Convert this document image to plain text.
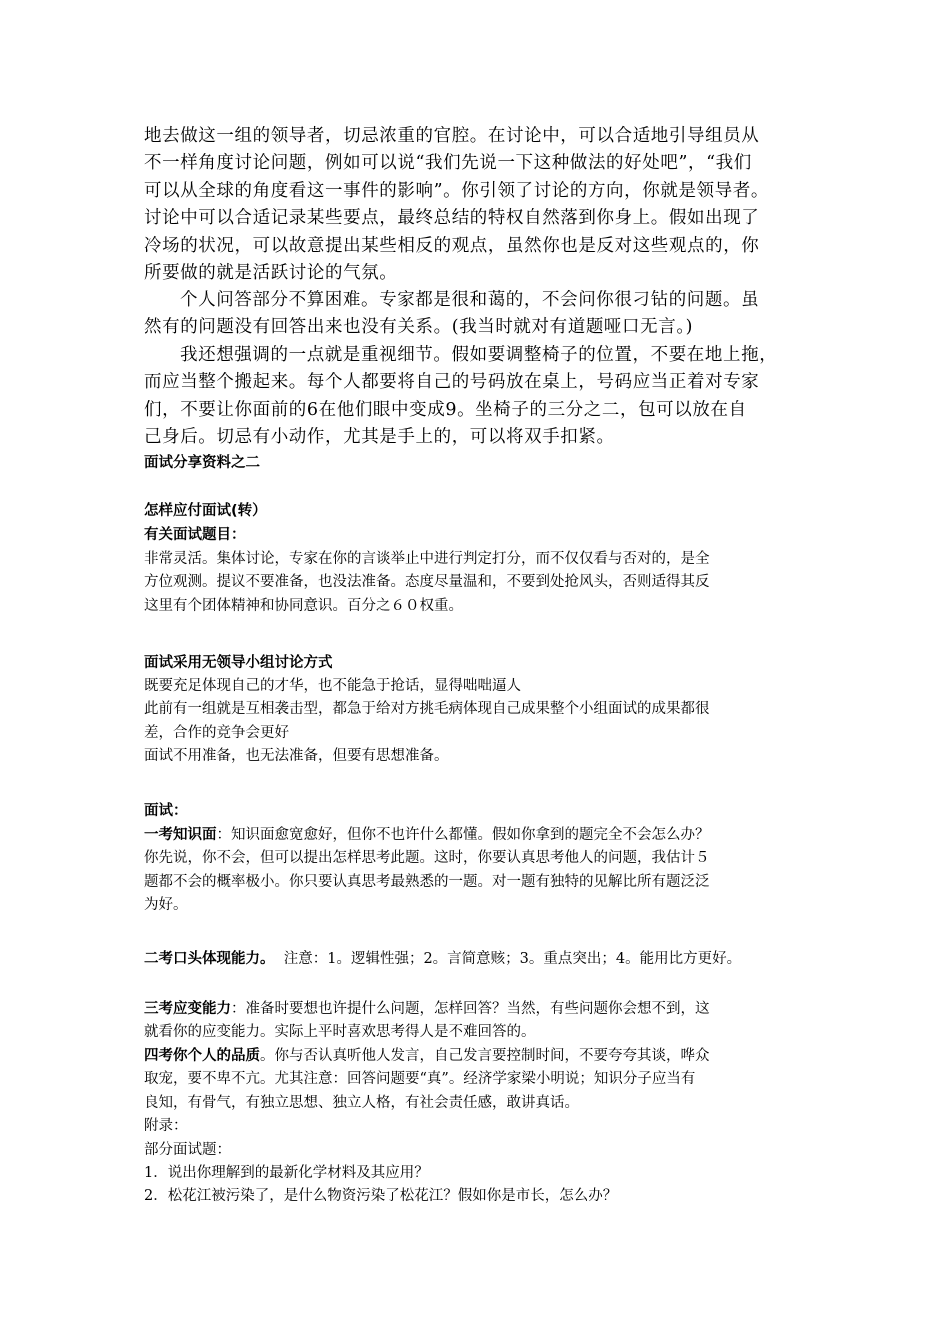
地去做这一组的领导者，切忌浓重的官腔。在讨论中，可以合适地引导组员从
不一样角度讨论问题，例如可以说“我们先说一下这种做法的好处吧”，“我们
可以从全球的角度看这一事件的影响”。你引领了讨论的方向，你就是领导者。
讨论中可以合适记录某些要点，最终总结的特权自然落到你身上。假如出现了
冷场的状况，可以故意提出某些相反的观点，虽然你也是反对这些观点的，你
所要做的就是活跃讨论的气氛。
个人问答部分不算困难。专家都是很和蔼的，不会问你很刁钻的问题。虽
然有的问题没有回答出来也没有关系。(我当时就对有道题哑口无言。)
我还想强调的一点就是重视细节。假如要调整椅子的位置，不要在地上拖，
而应当整个搬起来。每个人都要将自己的号码放在桌上，号码应当正着对专家
们，不要让你面前的6在他们眼中变成9。坐椅子的三分之二，包可以放在自
己身后。切忌有小动作，尤其是手上的，可以将双手扣紧。
面试分享资料之二
怎样应付面试(转）
有关面试题目：
非常灵活。集体讨论，专家在你的言谈举止中进行判定打分，而不仅仅看与否对的，是全
方位观测。提议不要准备，也没法准备。态度尽量温和，不要到处抢风头，否则适得其反
这里有个团体精神和协同意识。百分之６０权重。
面试采用无领导小组讨论方式
既要充足体现自己的才华，也不能急于抢话，显得咄咄逼人
此前有一组就是互相袭击型，都急于给对方挑毛病体现自己成果整个小组面试的成果都很
差，合作的竞争会更好
面试不用准备，也无法准备，但要有思想准备。
面试：
一考知识面：知识面愈宽愈好，但你不也许什么都懂。假如你拿到的题完全不会怎么办？
你先说，你不会，但可以提出怎样思考此题。这时，你要认真思考他人的问题，我估计５
题都不会的概率极小。你只要认真思考最熟悉的一题。对一题有独特的见解比所有题泛泛
为好。
二考口头体现能力。  注意：1。逻辑性强；2。言简意赅；3。重点突出；4。能用比方更好。
三考应变能力：准备时要想也许提什么问题，怎样回答？当然，有些问题你会想不到，这
就看你的应变能力。实际上平时喜欢思考得人是不难回答的。
四考你个人的品质。你与否认真听他人发言，自己发言要控制时间，不要夸夸其谈，哗众
取宠，要不卑不亢。尤其注意：回答问题要“真”。经济学家梁小明说；知识分子应当有
良知，有骨气，有独立思想、独立人格，有社会责任感，敢讲真话。
附录：
部分面试题：
1．说出你理解到的最新化学材料及其应用？
2．松花江被污染了，是什么物资污染了松花江？假如你是市长，怎么办？
